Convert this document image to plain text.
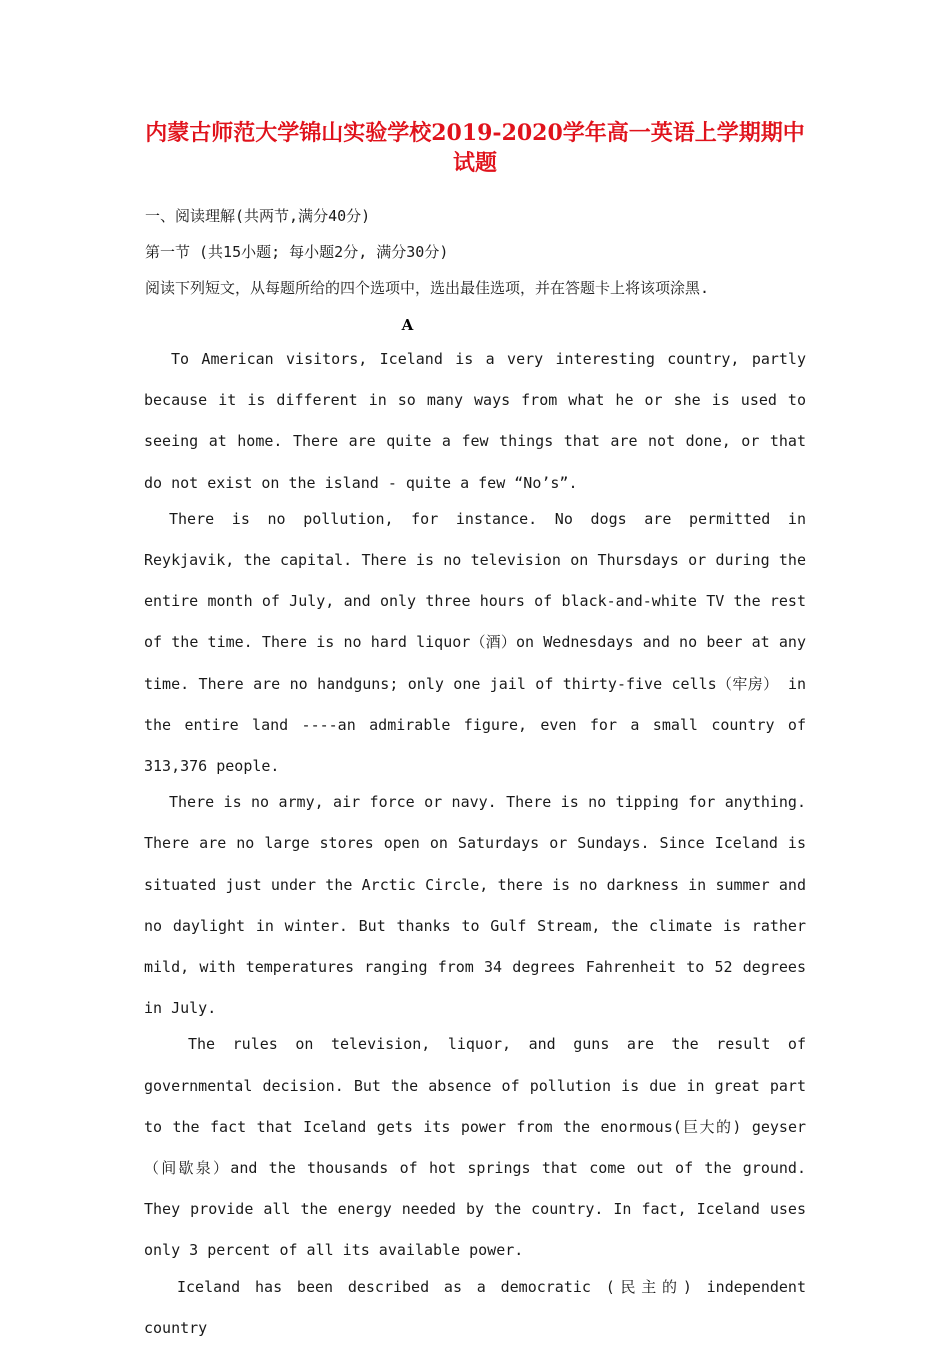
内蒙古师范大学锦山实验学校2019-2020学年高一英语上学期期中
试题
一、阅读理解(共两节,满分40分)
第一节 (共15小题; 每小题2分, 满分30分)
阅读下列短文，从每题所给的四个选项中，选出最佳选项，并在答题卡上将该项涂黑.
A

To American visitors, Iceland is a very interesting country, partly because it is different in so many ways from what he or she is used to seeing at home. There are quite a few things that are not done, or that do not exist on the island - quite a few “No’s”.

There is no pollution, for instance. No dogs are permitted in Reykjavik, the capital. There is no television on Thursdays or during the entire month of July, and only three hours of black-and-white TV the rest of the time. There is no hard liquor（酒）on Wednesdays and no beer at any time. There are no handguns; only one jail of thirty-five cells（牢房） in the entire land ----an admirable figure, even for a small country of 313,376 people.

There is no army, air force or navy. There is no tipping for anything. There are no large stores open on Saturdays or Sundays. Since Iceland is situated just under the Arctic Circle, there is no darkness in summer and no daylight in winter. But thanks to Gulf Stream, the climate is rather mild, with temperatures ranging from 34 degrees Fahrenheit to 52 degrees in July.

The rules on television, liquor, and guns are the result of governmental decision. But the absence of pollution is due in great part to the fact that Iceland gets its power from the enormous(巨大的) geyser（间歇泉）and the thousands of hot springs that come out of the ground. They provide all the energy needed by the country. In fact, Iceland uses only 3 percent of all its available power.

Iceland has been described as a democratic (民主的) independent country
